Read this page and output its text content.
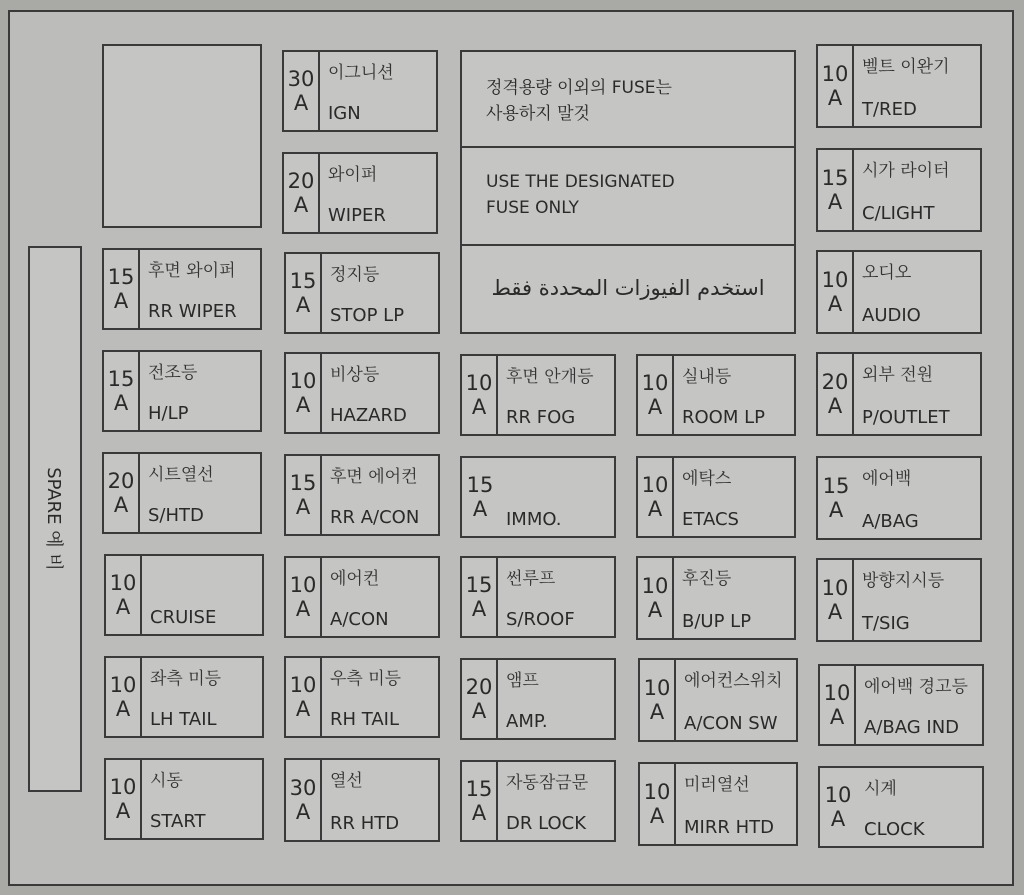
정격용량 이외의 FUSE는
사용하지 말것
USE THE DESIGNATED
FUSE ONLY
استخدم الفيوزات المحددة فقط
SPARE 예 비
30
A
이그니션
IGN
20
A
와이퍼
WIPER
10
A
벨트 이완기
T/RED
15
A
시가 라이터
C/LIGHT
15
A
후면 와이퍼
RR WIPER
15
A
정지등
STOP LP
10
A
오디오
AUDIO
15
A
전조등
H/LP
10
A
비상등
HAZARD
10
A
후면 안개등
RR FOG
10
A
실내등
ROOM LP
20
A
외부 전원
P/OUTLET
20
A
시트열선
S/HTD
15
A
후면 에어컨
RR A/CON
15
A IMMO.
10
A
에탁스
ETACS
15
A
에어백
A/BAG
10
A CRUISE
10
A
에어컨
A/CON
15
A
썬루프
S/ROOF
10
A
후진등
B/UP LP
10
A
방향지시등
T/SIG
10
A
좌측 미등
LH TAIL
10
A
우측 미등
RH TAIL
20
A
앰프
AMP.
10
A
에어컨스위치
A/CON SW
10
A
에어백 경고등
A/BAG IND
10
A
시동
START
30
A
열선
RR HTD
15
A
자동잠금문
DR LOCK
10
A
미러열선
MIRR HTD
10
A
시계
CLOCK
